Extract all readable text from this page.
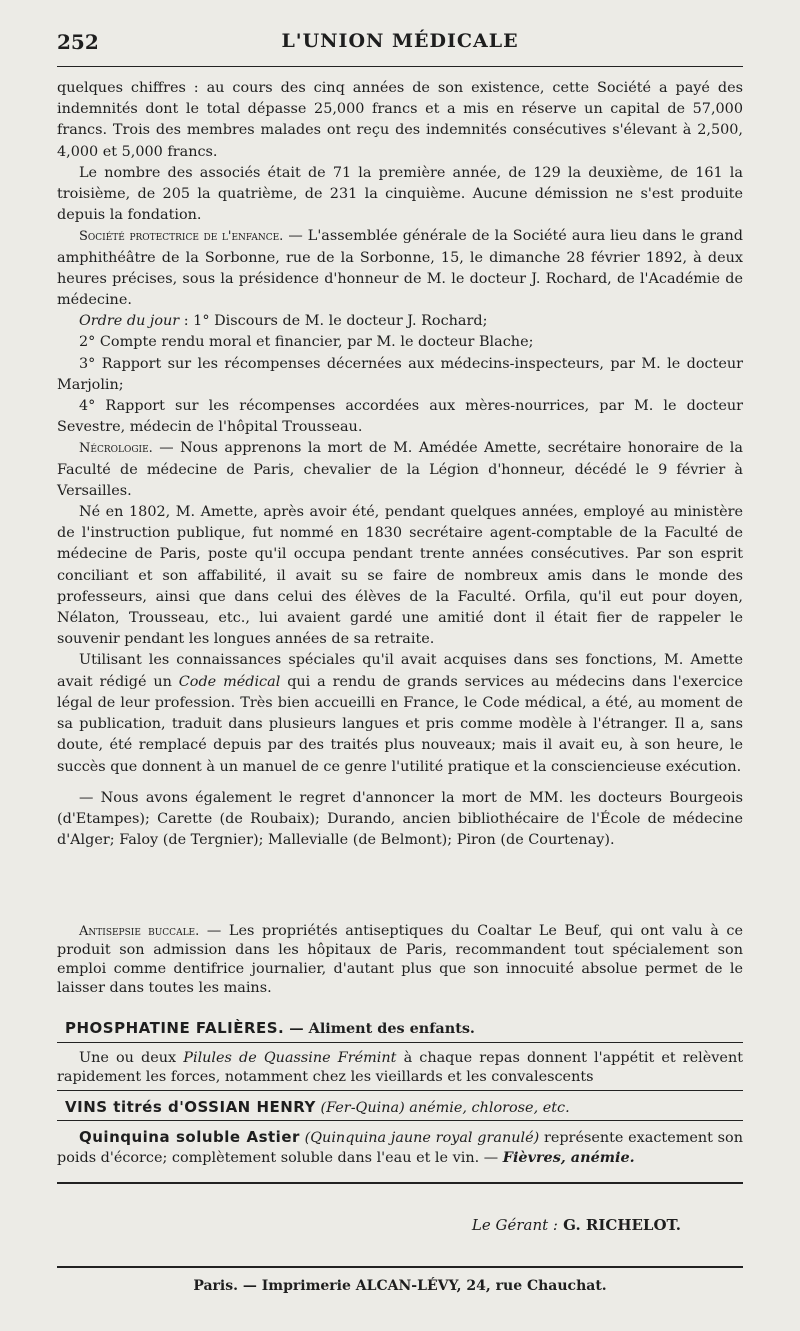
252	L'UNION MÉDICALE

quelques chiffres : au cours des cinq années de son existence, cette Société a payé des indemnités dont le total dépasse 25,000 francs et a mis en réserve un capital de 57,000 francs. Trois des membres malades ont reçu des indemnités consécutives s'élevant à 2,500, 4,000 et 5,000 francs.

Le nombre des associés était de 71 la première année, de 129 la deuxième, de 161 la troisième, de 205 la quatrième, de 231 la cinquième. Aucune démission ne s'est produite depuis la fondation.

Société protectrice de l'enfance. — L'assemblée générale de la Société aura lieu dans le grand amphithéâtre de la Sorbonne, rue de la Sorbonne, 15, le dimanche 28 février 1892, à deux heures précises, sous la présidence d'honneur de M. le docteur J. Rochard, de l'Académie de médecine.

Ordre du jour : 1° Discours de M. le docteur J. Rochard;

2° Compte rendu moral et financier, par M. le docteur Blache;

3° Rapport sur les récompenses décernées aux médecins-inspecteurs, par M. le docteur Marjolin;

4° Rapport sur les récompenses accordées aux mères-nourrices, par M. le docteur Sevestre, médecin de l'hôpital Trousseau.

Nécrologie. — Nous apprenons la mort de M. Amédée Amette, secrétaire honoraire de la Faculté de médecine de Paris, chevalier de la Légion d'honneur, décédé le 9 février à Versailles.

Né en 1802, M. Amette, après avoir été, pendant quelques années, employé au ministère de l'instruction publique, fut nommé en 1830 secrétaire agent-comptable de la Faculté de médecine de Paris, poste qu'il occupa pendant trente années consécutives. Par son esprit conciliant et son affabilité, il avait su se faire de nombreux amis dans le monde des professeurs, ainsi que dans celui des élèves de la Faculté. Orfila, qu'il eut pour doyen, Nélaton, Trousseau, etc., lui avaient gardé une amitié dont il était fier de rappeler le souvenir pendant les longues années de sa retraite.

Utilisant les connaissances spéciales qu'il avait acquises dans ses fonctions, M. Amette avait rédigé un Code médical qui a rendu de grands services au médecins dans l'exercice légal de leur profession. Très bien accueilli en France, le Code médical, a été, au moment de sa publication, traduit dans plusieurs langues et pris comme modèle à l'étranger. Il a, sans doute, été remplacé depuis par des traités plus nouveaux; mais il avait eu, à son heure, le succès que donnent à un manuel de ce genre l'utilité pratique et la consciencieuse exécution.

— Nous avons également le regret d'annoncer la mort de MM. les docteurs Bourgeois (d'Etampes); Carette (de Roubaix); Durando, ancien bibliothécaire de l'École de médecine d'Alger; Faloy (de Tergnier); Mallevialle (de Belmont); Piron (de Courtenay).

Antisepsie buccale. — Les propriétés antiseptiques du Coaltar Le Beuf, qui ont valu à ce produit son admission dans les hôpitaux de Paris, recommandent tout spécialement son emploi comme dentifrice journalier, d'autant plus que son innocuité absolue permet de le laisser dans toutes les mains.

PHOSPHATINE FALIÈRES. — Aliment des enfants.

Une ou deux Pilules de Quassine Frémint à chaque repas donnent l'appétit et relèvent rapidement les forces, notamment chez les vieillards et les convalescents

VINS titrés d'OSSIAN HENRY (Fer-Quina) anémie, chlorose, etc.

Quinquina soluble Astier (Quinquina jaune royal granulé) représente exactement son poids d'écorce; complètement soluble dans l'eau et le vin. — Fièvres, anémie.

Le Gérant : G. RICHELOT.
Paris. — Imprimerie ALCAN-LÉVY, 24, rue Chauchat.
